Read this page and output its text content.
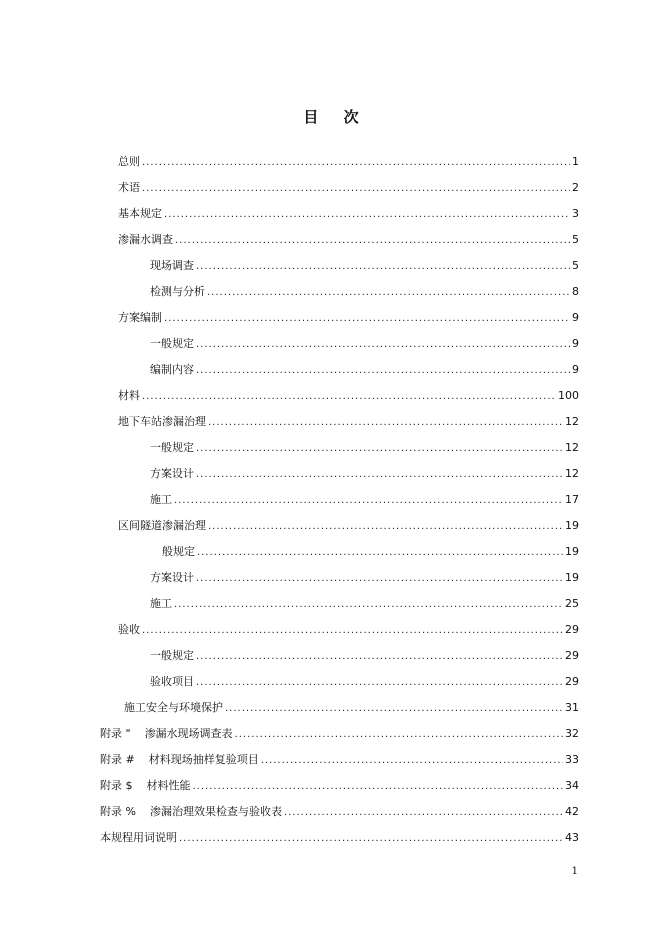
目 次
总则 .....	1
术语 .....	2
基本规定 .....	3
渗漏水调查 .....	5
现场调查 .....	5
检测与分析 .....	8
方案编制 .....	9
一般规定 .....	9
编制内容 .....	9
材料 .....	100
地下车站渗漏治理 .....	12
一般规定 .....	12
方案设计 .....	12
施工 .....	17
区间隧道渗漏治理 .....	19
般规定 .....	19
方案设计 .....	19
施工 .....	25
验收 .....	29
一般规定 .....	29
验收项目 .....	29
施工安全与环境保护 .....	31
附录 " 渗漏水现场调查表 .....	32
附录 # 材料现场抽样复验项目 .....	33
附录 $ 材料性能 .....	34
附录 % 渗漏治理效果检查与验收表 .....	42
本规程用词说明 .....	43
1
